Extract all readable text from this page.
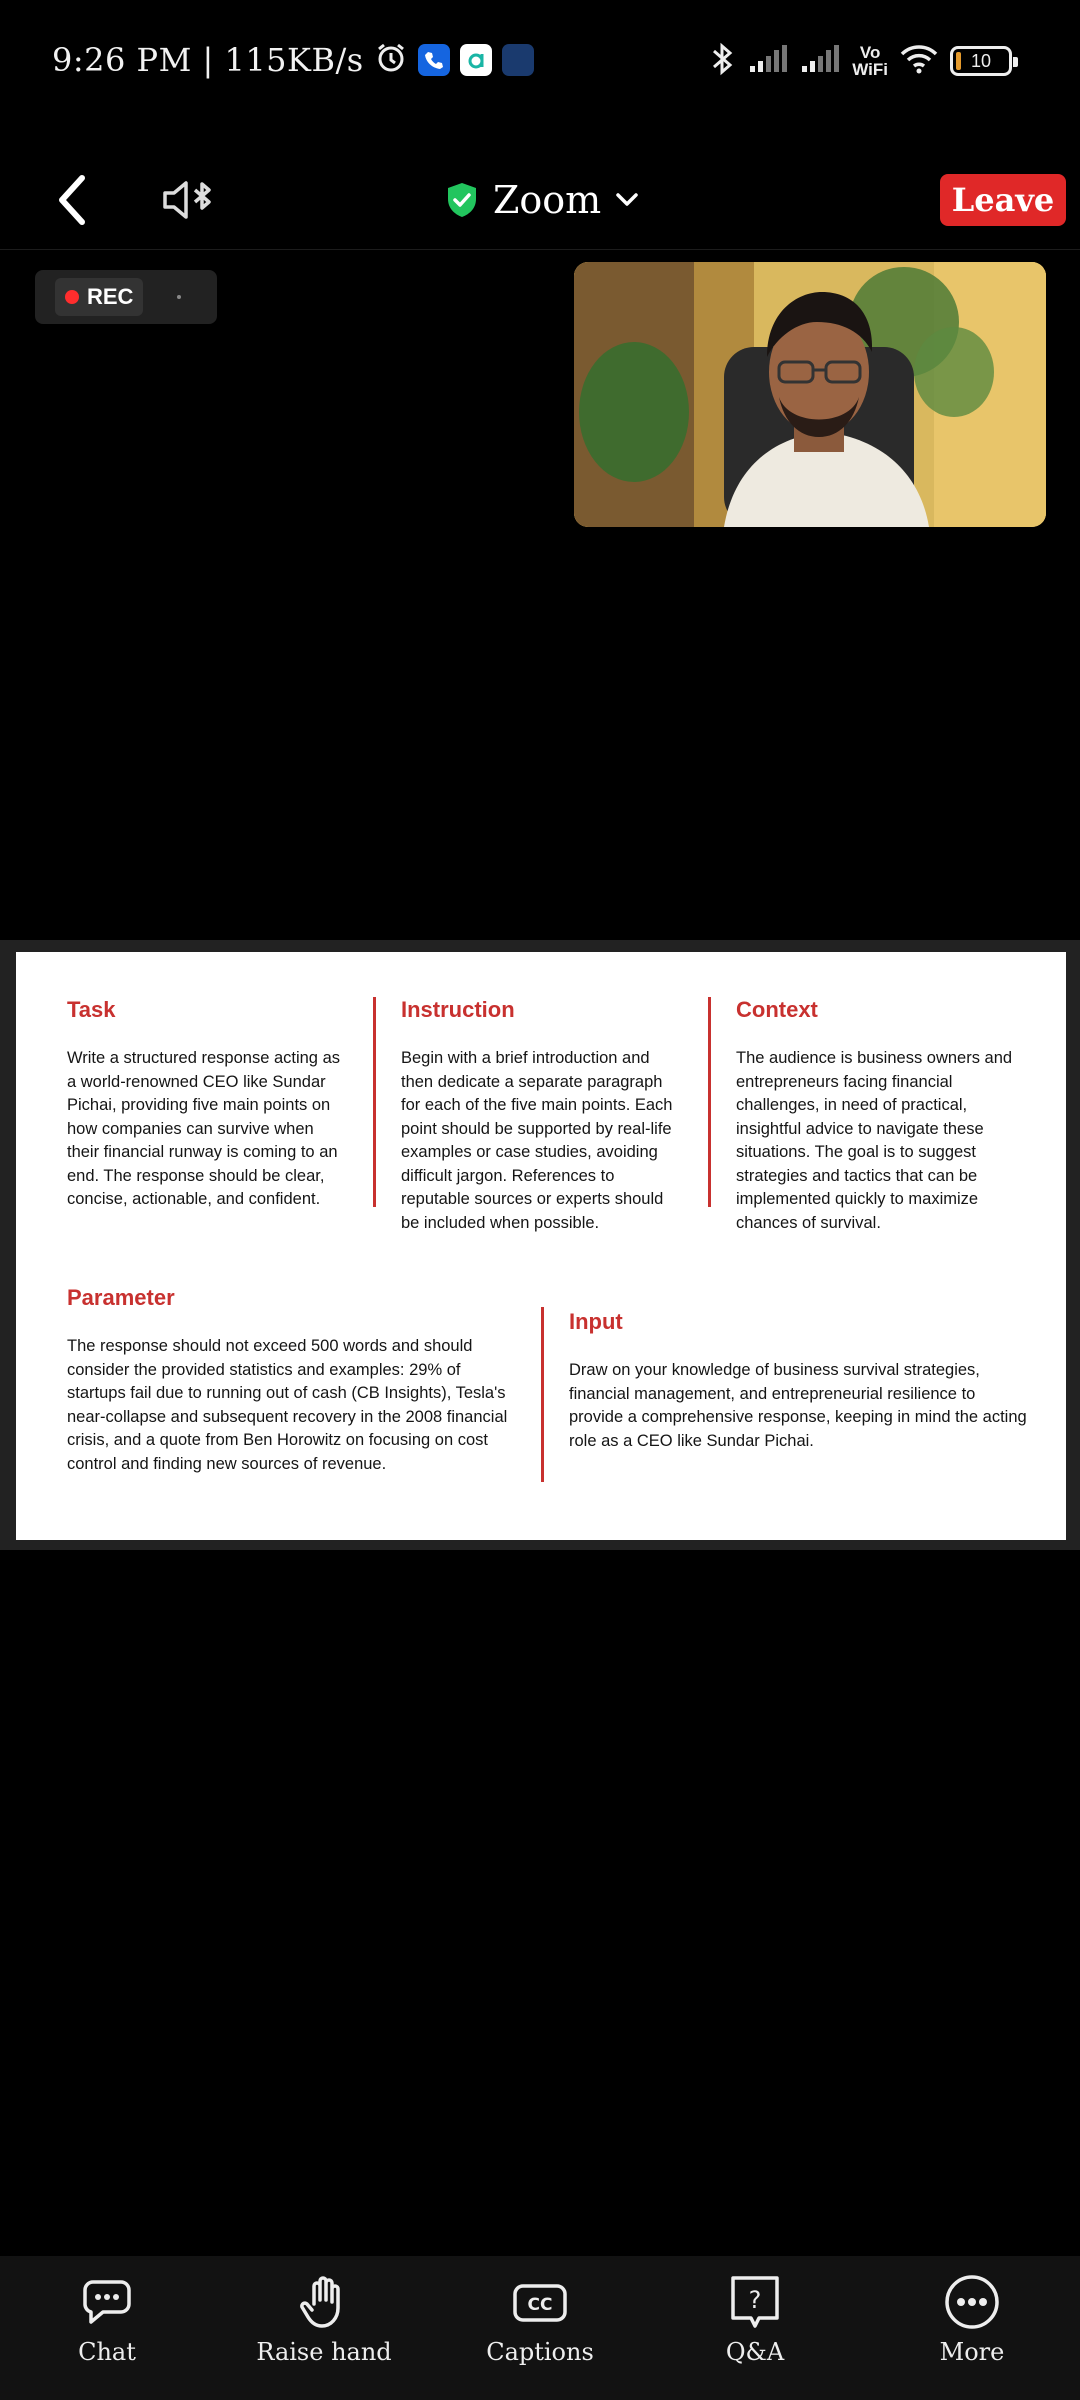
9:26 PM | 115KB/s	Vo
WiFi	10
Zoom	Leave
REC
Task

Write a structured response acting as a world-renowned CEO like Sundar Pichai, providing five main points on how companies can survive when their financial runway is coming to an end. The response should be clear, concise, actionable, and confident.

Instruction

Begin with a brief introduction and then dedicate a separate paragraph for each of the five main points. Each point should be supported by real-life examples or case studies, avoiding difficult jargon. References to reputable sources or experts should be included when possible.

Context

The audience is business owners and entrepreneurs facing financial challenges, in need of practical, insightful advice to navigate these situations. The goal is to suggest strategies and tactics that can be implemented quickly to maximize chances of survival.

Parameter

The response should not exceed 500 words and should consider the provided statistics and examples: 29% of startups fail due to running out of cash (CB Insights), Tesla's near-collapse and subsequent recovery in the 2008 financial crisis, and a quote from Ben Horowitz on focusing on cost control and finding new sources of revenue.

Input

Draw on your knowledge of business survival strategies, financial management, and entrepreneurial resilience to provide a comprehensive response, keeping in mind the acting role as a CEO like Sundar Pichai.

Chat	Raise hand
CC
Captions
?
Q&A	More
